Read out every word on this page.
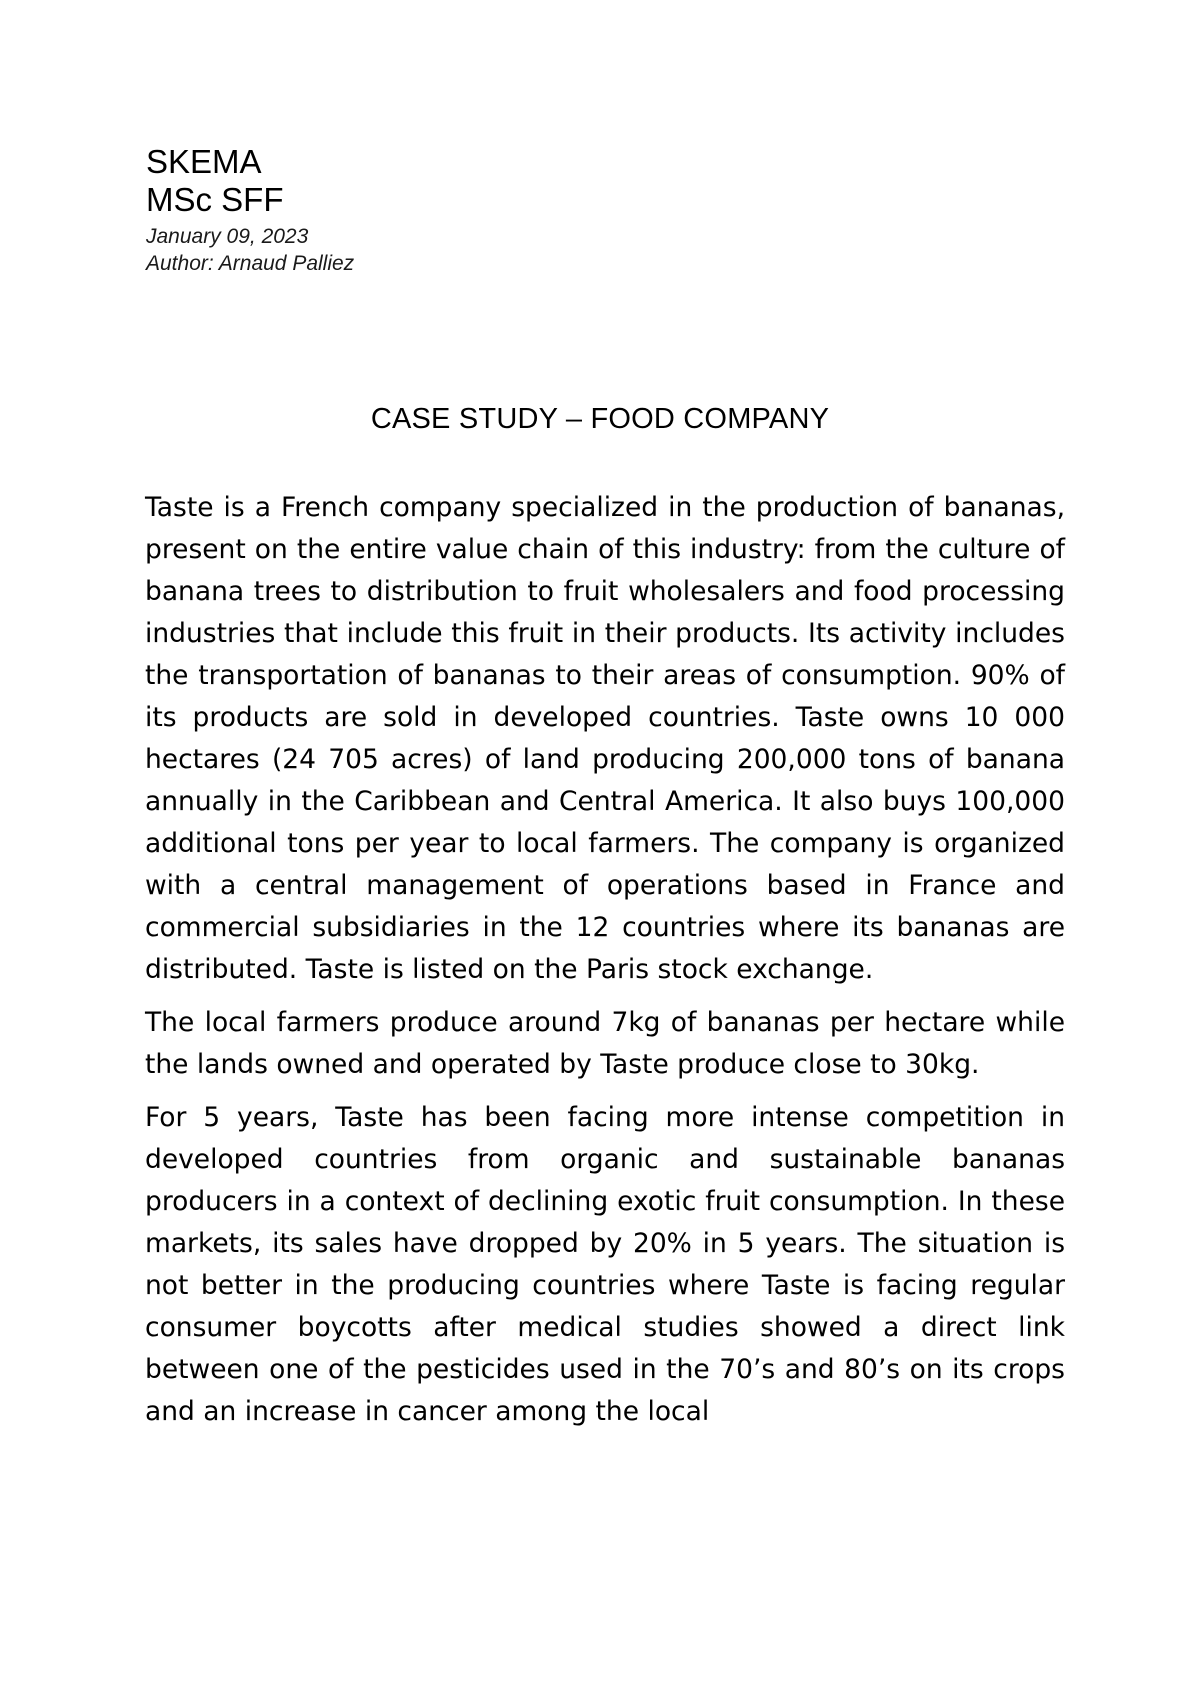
SKEMA

MSc SFF

January 09, 2023

Author: Arnaud Palliez

CASE STUDY – FOOD COMPANY

Taste is a French company specialized in the production of bananas, present on the entire value chain of this industry: from the culture of banana trees to distribution to fruit wholesalers and food processing industries that include this fruit in their products. Its activity includes the transportation of bananas to their areas of consumption. 90% of its products are sold in developed countries. Taste owns 10 000 hectares (24 705 acres) of land producing 200,000 tons of banana annually in the Caribbean and Central America. It also buys 100,000 additional tons per year to local farmers. The company is organized with a central management of operations based in France and commercial subsidiaries in the 12 countries where its bananas are distributed. Taste is listed on the Paris stock exchange.

The local farmers produce around 7kg of bananas per hectare while the lands owned and operated by Taste produce close to 30kg.

For 5 years, Taste has been facing more intense competition in developed countries from organic and sustainable bananas producers in a context of declining exotic fruit consumption. In these markets, its sales have dropped by 20% in 5 years. The situation is not better in the producing countries where Taste is facing regular consumer boycotts after medical studies showed a direct link between one of the pesticides used in the 70’s and 80’s on its crops and an increase in cancer among the local
